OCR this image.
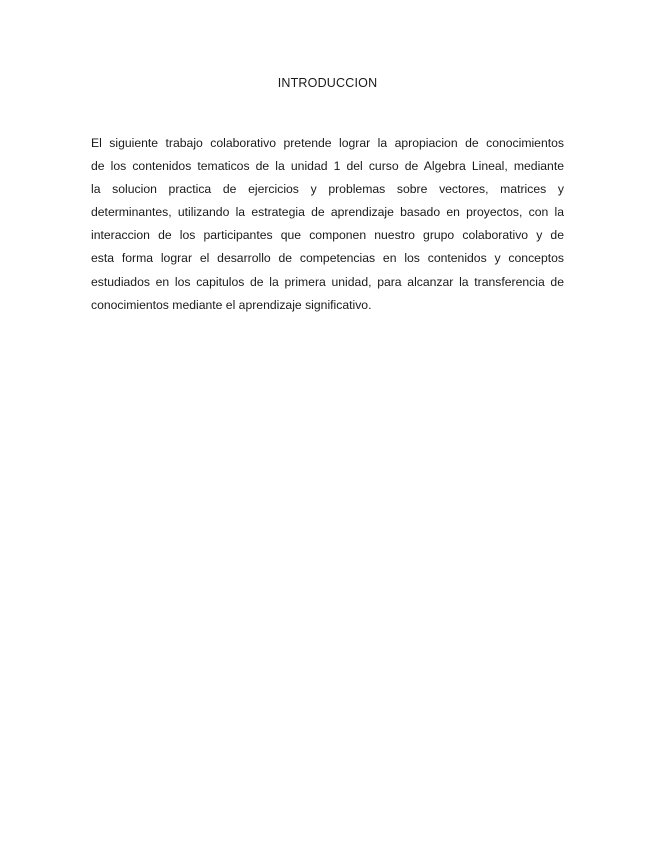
INTRODUCCION
El siguiente trabajo colaborativo pretende lograr la apropiacion de conocimientos
de los contenidos tematicos de la unidad 1 del curso de Algebra Lineal, mediante
la solucion practica de ejercicios y problemas sobre vectores, matrices y
determinantes, utilizando la estrategia de aprendizaje basado en proyectos, con la
interaccion de los participantes que componen nuestro grupo colaborativo y de
esta forma lograr el desarrollo de competencias en los contenidos y conceptos
estudiados en los capitulos de la primera unidad, para alcanzar la transferencia de
conocimientos mediante el aprendizaje significativo.
